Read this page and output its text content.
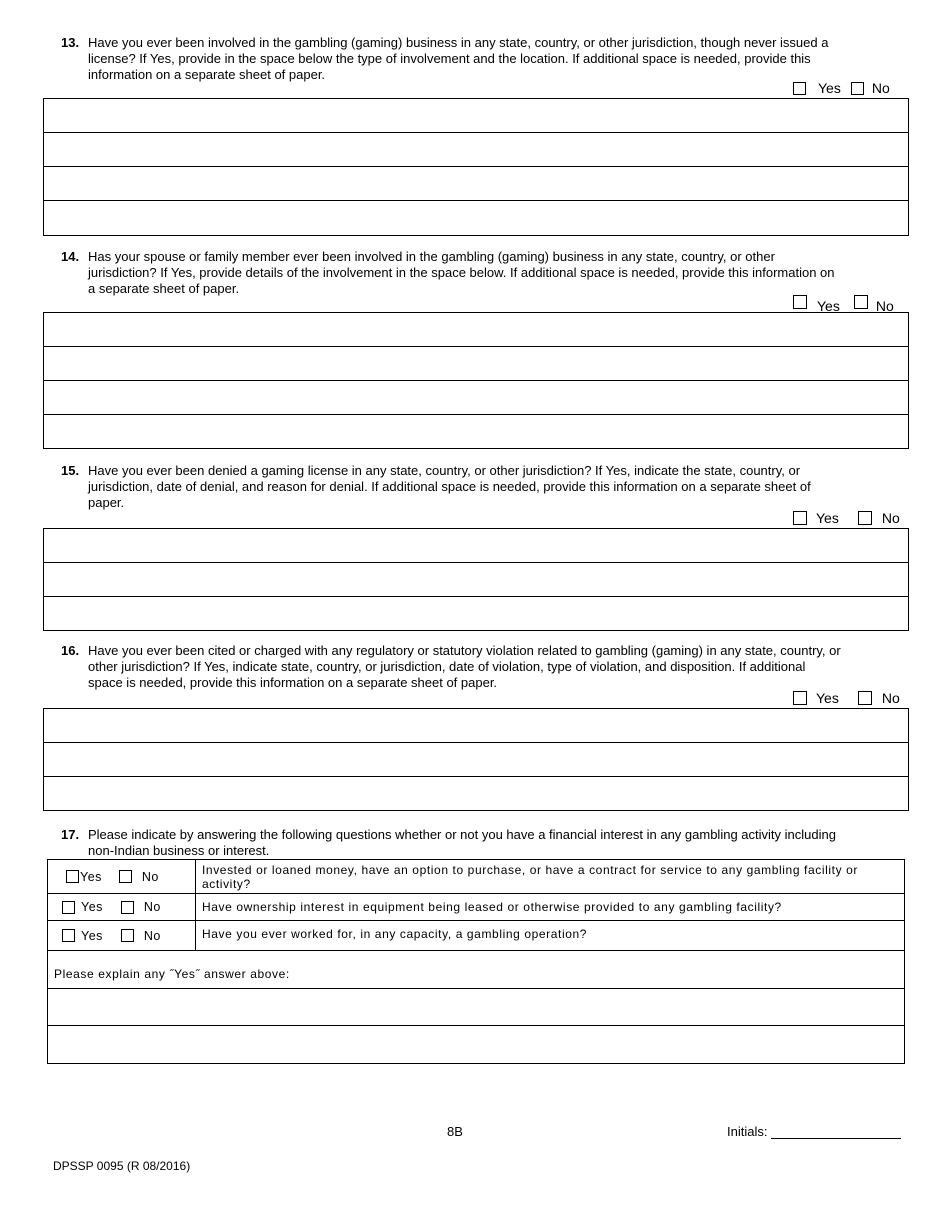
13. Have you ever been involved in the gambling (gaming) business in any state, country, or other jurisdiction, though never issued a
license? If Yes, provide in the space below the type of involvement and the location. If additional space is needed, provide this
information on a separate sheet of paper.
Yes No
14. Has your spouse or family member ever been involved in the gambling (gaming) business in any state, country, or other
jurisdiction? If Yes, provide details of the involvement in the space below. If additional space is needed, provide this information on
a separate sheet of paper.
Yes	No
15. Have you ever been denied a gaming license in any state, country, or other jurisdiction? If Yes, indicate the state, country, or
jurisdiction, date of denial, and reason for denial. If additional space is needed, provide this information on a separate sheet of
paper.
Yes	No
16. Have you ever been cited or charged with any regulatory or statutory violation related to gambling (gaming) in any state, country, or
other jurisdiction? If Yes, indicate state, country, or jurisdiction, date of violation, type of violation, and disposition. If additional
space is needed, provide this information on a separate sheet of paper.
Yes	No
17. Please indicate by answering the following questions whether or not you have a financial interest in any gambling activity including
non-Indian business or interest.
Yes	No	Invested or loaned money, have an option to purchase, or have a contract for service to any gambling facility or activity?
Yes	No	Have ownership interest in equipment being leased or otherwise provided to any gambling facility?
Yes	No	Have you ever worked for, in any capacity, a gambling operation?
Please explain any ˝Yes˝ answer above:
8B	Initials:
DPSSP 0095 (R 08/2016)
